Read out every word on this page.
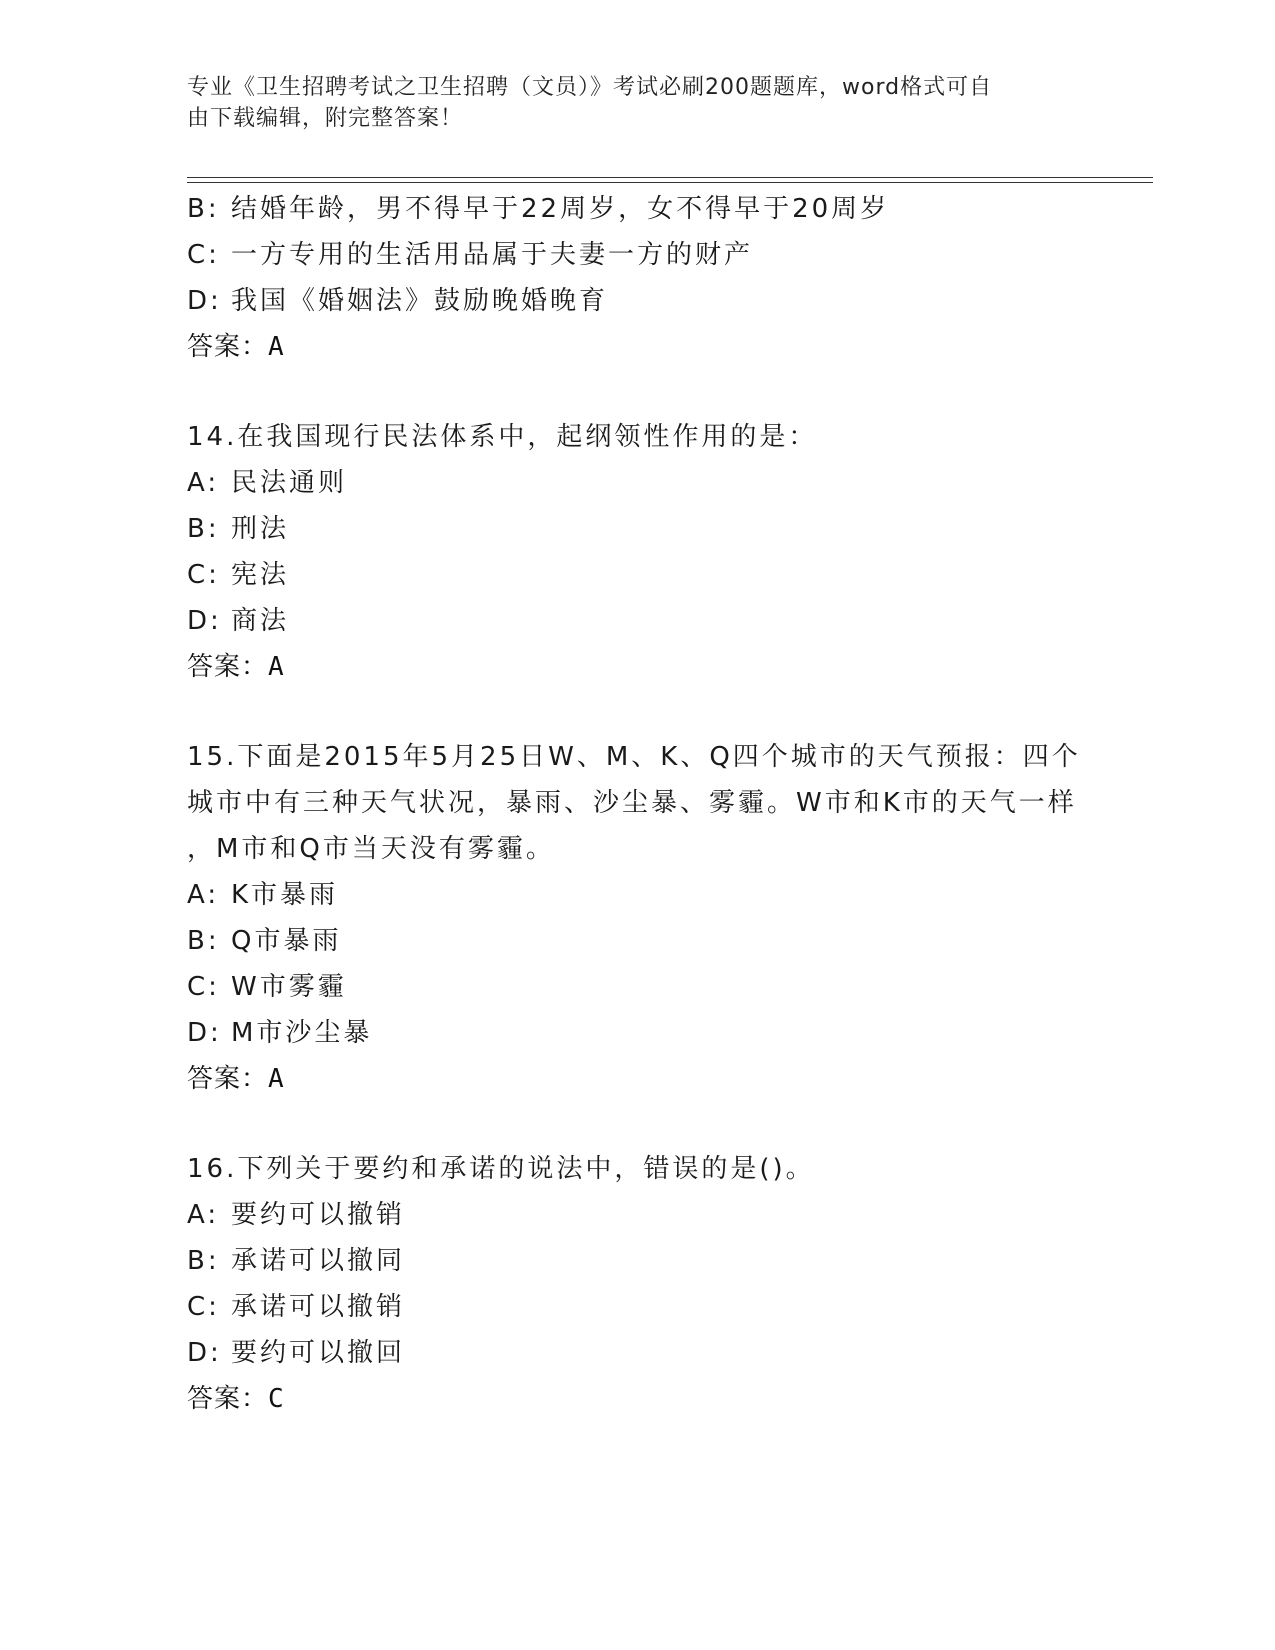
专业《卫生招聘考试之卫生招聘（文员）》考试必刷200题题库，word格式可自
由下载编辑，附完整答案！
B: 结婚年龄，男不得早于22周岁，女不得早于20周岁
C: 一方专用的生活用品属于夫妻一方的财产
D: 我国《婚姻法》鼓励晚婚晚育
答案：A
14.在我国现行民法体系中，起纲领性作用的是：
A: 民法通则
B: 刑法
C: 宪法
D: 商法
答案：A
15.下面是2015年5月25日W、M、K、Q四个城市的天气预报：四个
城市中有三种天气状况，暴雨、沙尘暴、雾霾。W市和K市的天气一样
，M市和Q市当天没有雾霾。
A: K市暴雨
B: Q市暴雨
C: W市雾霾
D: M市沙尘暴
答案：A
16.下列关于要约和承诺的说法中，错误的是()。
A: 要约可以撤销
B: 承诺可以撤同
C: 承诺可以撤销
D: 要约可以撤回
答案：C
